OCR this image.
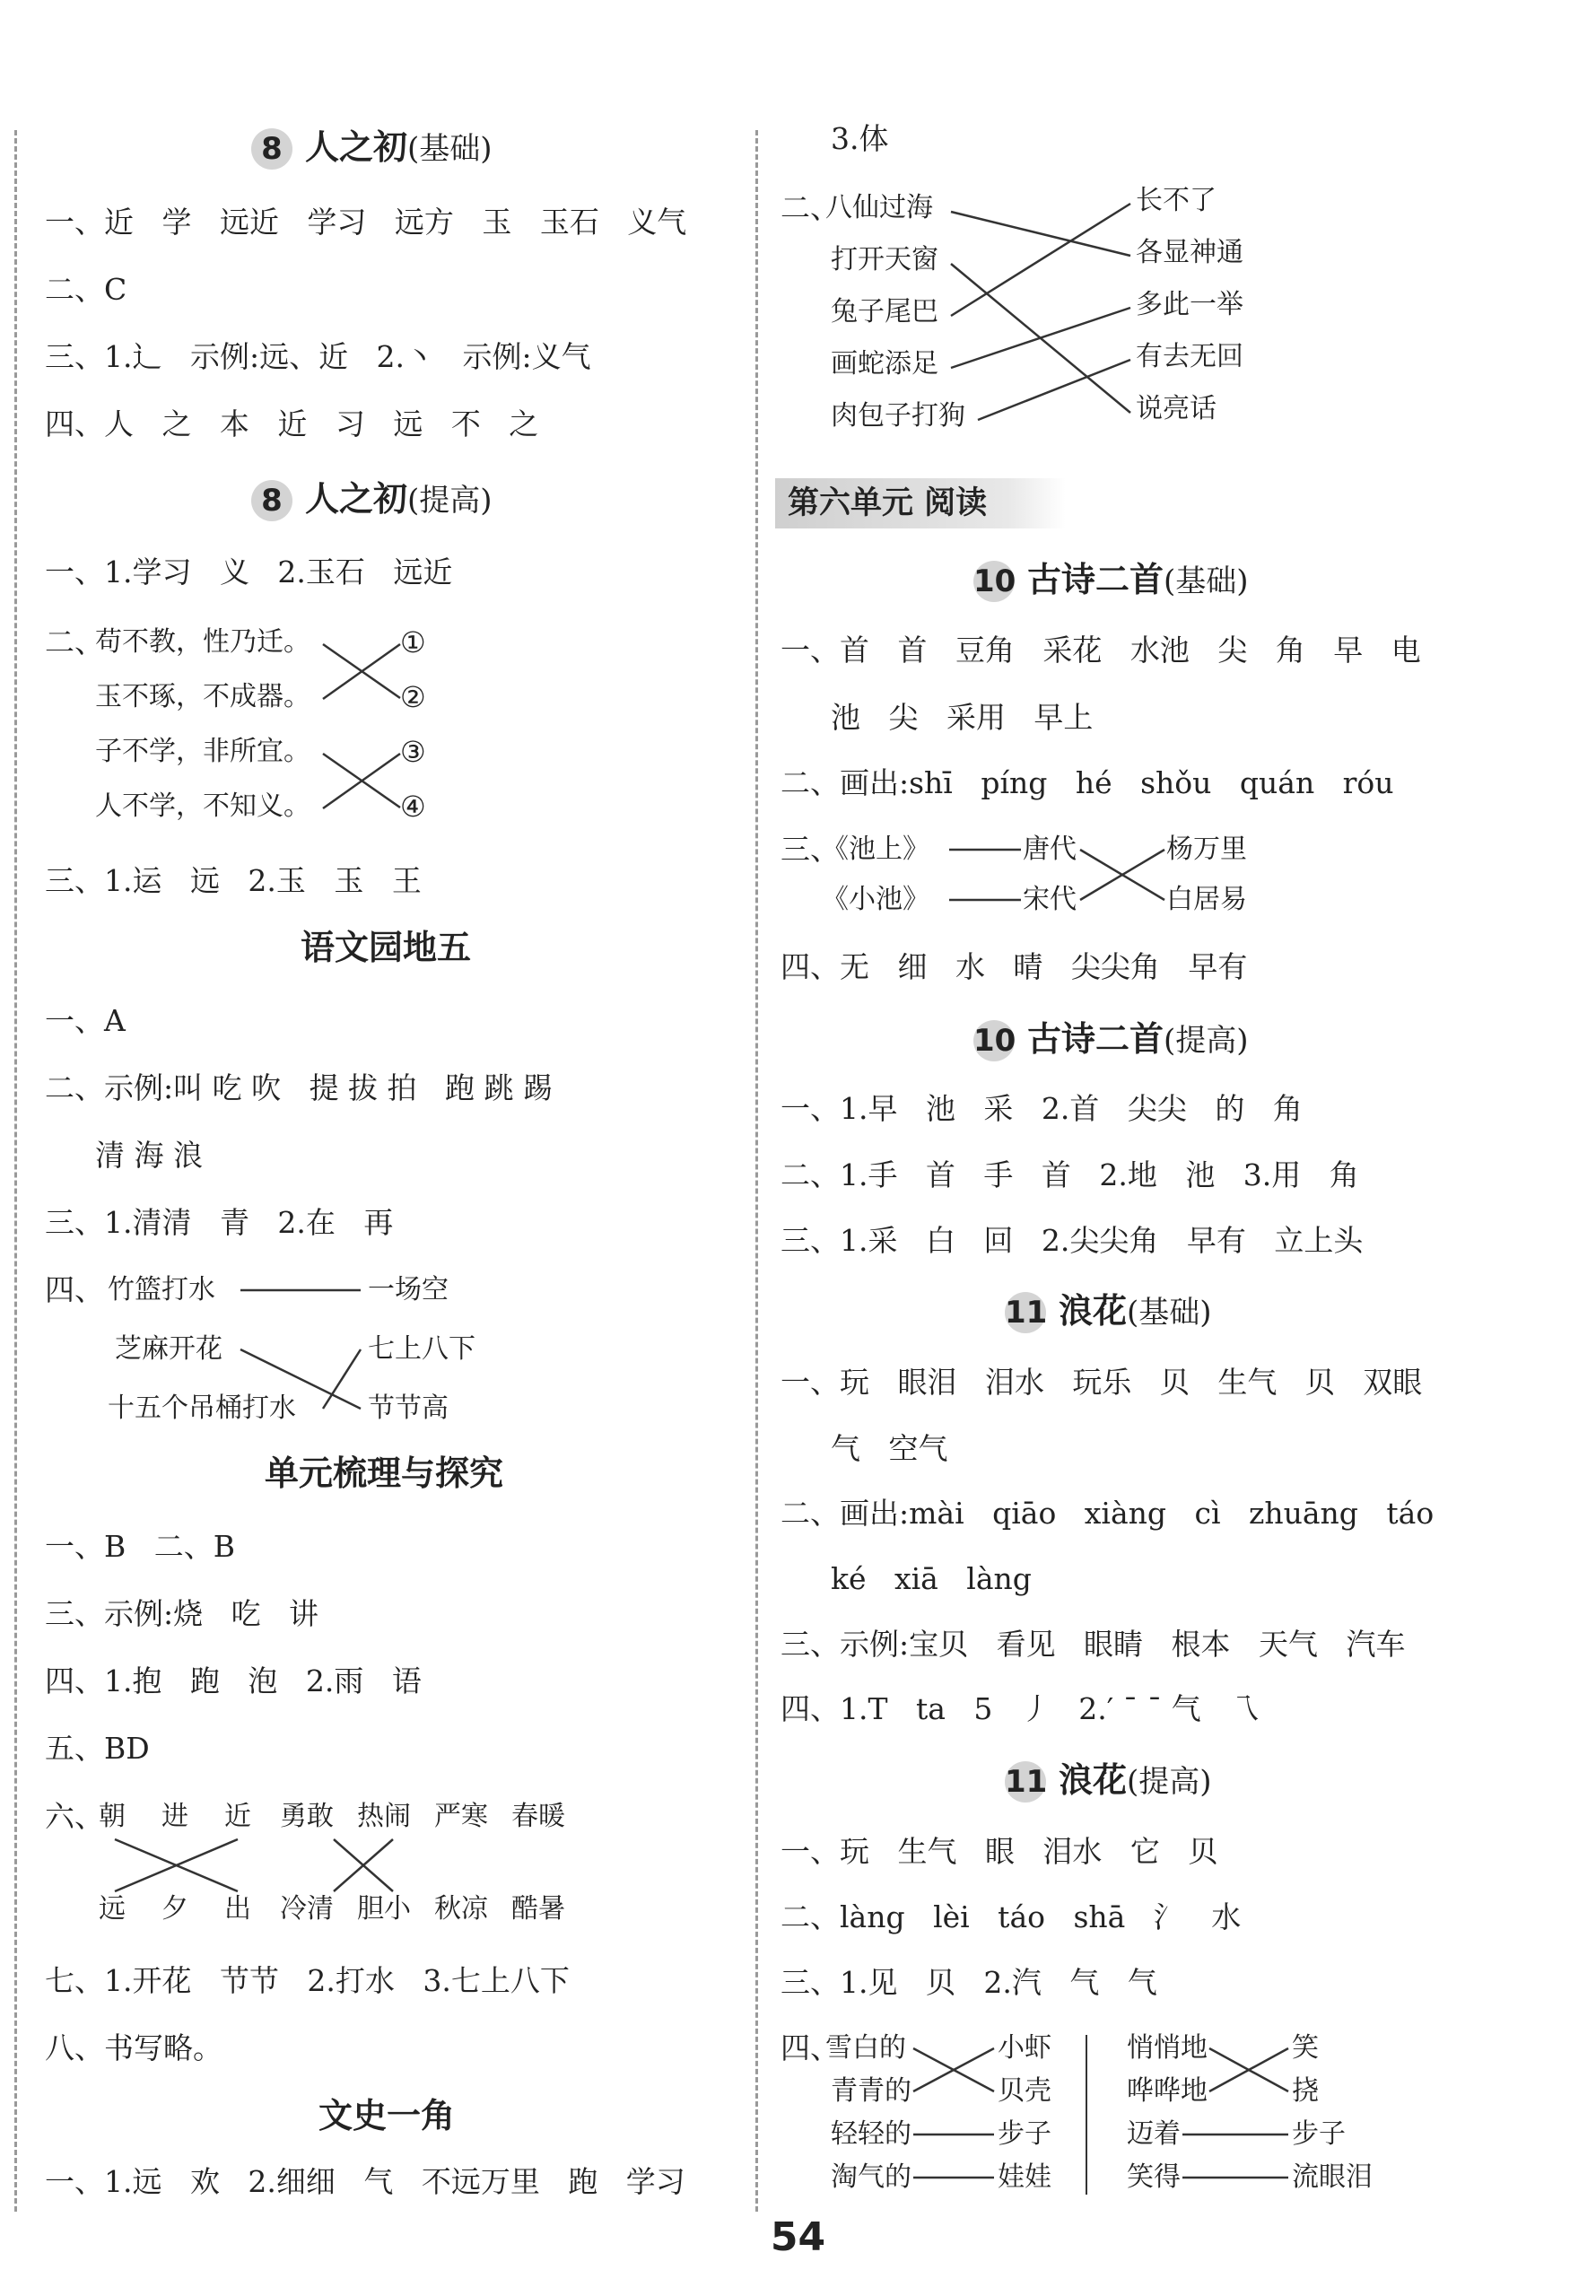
8 人之初(基础)
一、近   学   远近   学习   远方   玉   玉石   义气
二、C
三、1.辶   示例:远、近   2.丶   示例:义气
四、人   之   本   近   习   远   不   之
8 人之初(提高)
一、1.学习   义   2.玉石   远近
二、
苟不教，性乃迁。
玉不琢，不成器。
子不学，非所宜。
人不学，不知义。
①
②
③
④
三、1.运   远   2.玉   玉   王
语文园地五
一、A
二、示例:叫 吃 吹   提 拔 拍   跑 跳 踢
清 海 浪
三、1.清清   青   2.在   再
四、 竹篮打水
芝麻开花
十五个吊桶打水
一场空
七上八下
节节高
单元梳理与探究
一、B   二、B
三、示例:烧   吃   讲
四、1.抱   跑   泡   2.雨   语
五、BD
六、
朝 进 近 勇敢 热闹 严寒 春暖
远 夕 出 冷清 胆小 秋凉 酷暑
七、1.开花   节节   2.打水   3.七上八下
八、书写略。
文史一角
一、1.远   欢   2.细细   气   不远万里   跑   学习
3.体
二、
八仙过海
打开天窗
兔子尾巴
画蛇添足
肉包子打狗
长不了
各显神通
多此一举
有去无回
说亮话
第六单元 阅读
10 古诗二首(基础)
一、首   首   豆角   采花   水池   尖   角   早   电
池   尖   采用   早上
二、画出:shī   píng   hé   shǒu   quán   róu
三、
《池上》
《小池》
唐代
宋代
杨万里
白居易
四、无   细   水   晴   尖尖角   早有
10 古诗二首(提高)
一、1.早   池   采   2.首   尖尖   的   角
二、1.手   首   手   首   2.地   池   3.用   角
三、1.采   白   回   2.尖尖角   早有   立上头
11 浪花(基础)
一、玩   眼泪   泪水   玩乐   贝   生气   贝   双眼
气   空气
二、画出:mài   qiāo   xiàng   cì   zhuāng   táo
ké   xiā   làng
三、示例:宝贝   看见   眼睛   根本   天气   汽车
四、1.T   ta   5   丿   2.′ ˉ ˉ 气   乁
11 浪花(提高)
一、玩   生气   眼   泪水   它   贝
二、làng   lèi   táo   shā   氵   水
三、1.见   贝   2.汽   气   气
四、
雪白的
青青的
轻轻的
淘气的
小虾
贝壳
步子
娃娃
悄悄地
哗哗地
迈着
笑得
笑
挠
步子
流眼泪
54
